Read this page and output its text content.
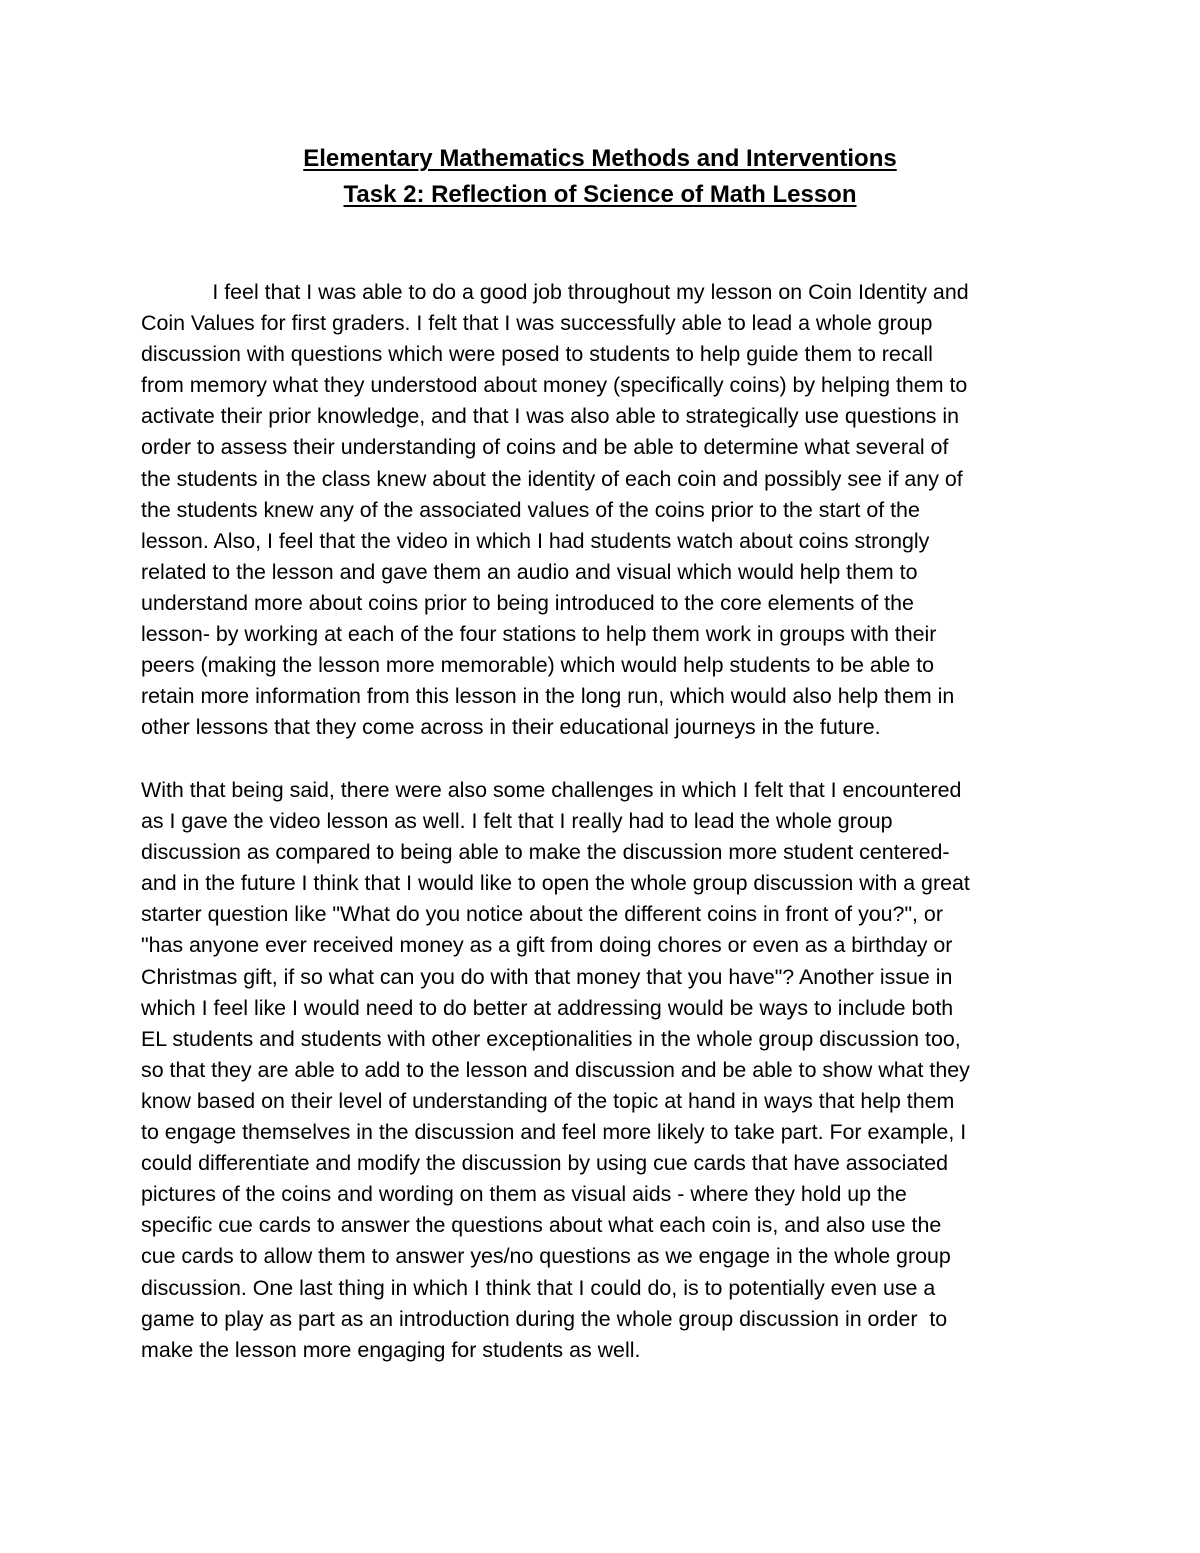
Elementary Mathematics Methods and Interventions
Task 2: Reflection of Science of Math Lesson
I feel that I was able to do a good job throughout my lesson on Coin Identity and
Coin Values for first graders. I felt that I was successfully able to lead a whole group
discussion with questions which were posed to students to help guide them to recall
from memory what they understood about money (specifically coins) by helping them to
activate their prior knowledge, and that I was also able to strategically use questions in
order to assess their understanding of coins and be able to determine what several of
the students in the class knew about the identity of each coin and possibly see if any of
the students knew any of the associated values of the coins prior to the start of the
lesson. Also, I feel that the video in which I had students watch about coins strongly
related to the lesson and gave them an audio and visual which would help them to
understand more about coins prior to being introduced to the core elements of the
lesson- by working at each of the four stations to help them work in groups with their
peers (making the lesson more memorable) which would help students to be able to
retain more information from this lesson in the long run, which would also help them in
other lessons that they come across in their educational journeys in the future.
With that being said, there were also some challenges in which I felt that I encountered
as I gave the video lesson as well. I felt that I really had to lead the whole group
discussion as compared to being able to make the discussion more student centered-
and in the future I think that I would like to open the whole group discussion with a great
starter question like "What do you notice about the different coins in front of you?", or
"has anyone ever received money as a gift from doing chores or even as a birthday or
Christmas gift, if so what can you do with that money that you have"? Another issue in
which I feel like I would need to do better at addressing would be ways to include both
EL students and students with other exceptionalities in the whole group discussion too,
so that they are able to add to the lesson and discussion and be able to show what they
know based on their level of understanding of the topic at hand in ways that help them
to engage themselves in the discussion and feel more likely to take part. For example, I
could differentiate and modify the discussion by using cue cards that have associated
pictures of the coins and wording on them as visual aids - where they hold up the
specific cue cards to answer the questions about what each coin is, and also use the
cue cards to allow them to answer yes/no questions as we engage in the whole group
discussion. One last thing in which I think that I could do, is to potentially even use a
game to play as part as an introduction during the whole group discussion in order  to
make the lesson more engaging for students as well.
